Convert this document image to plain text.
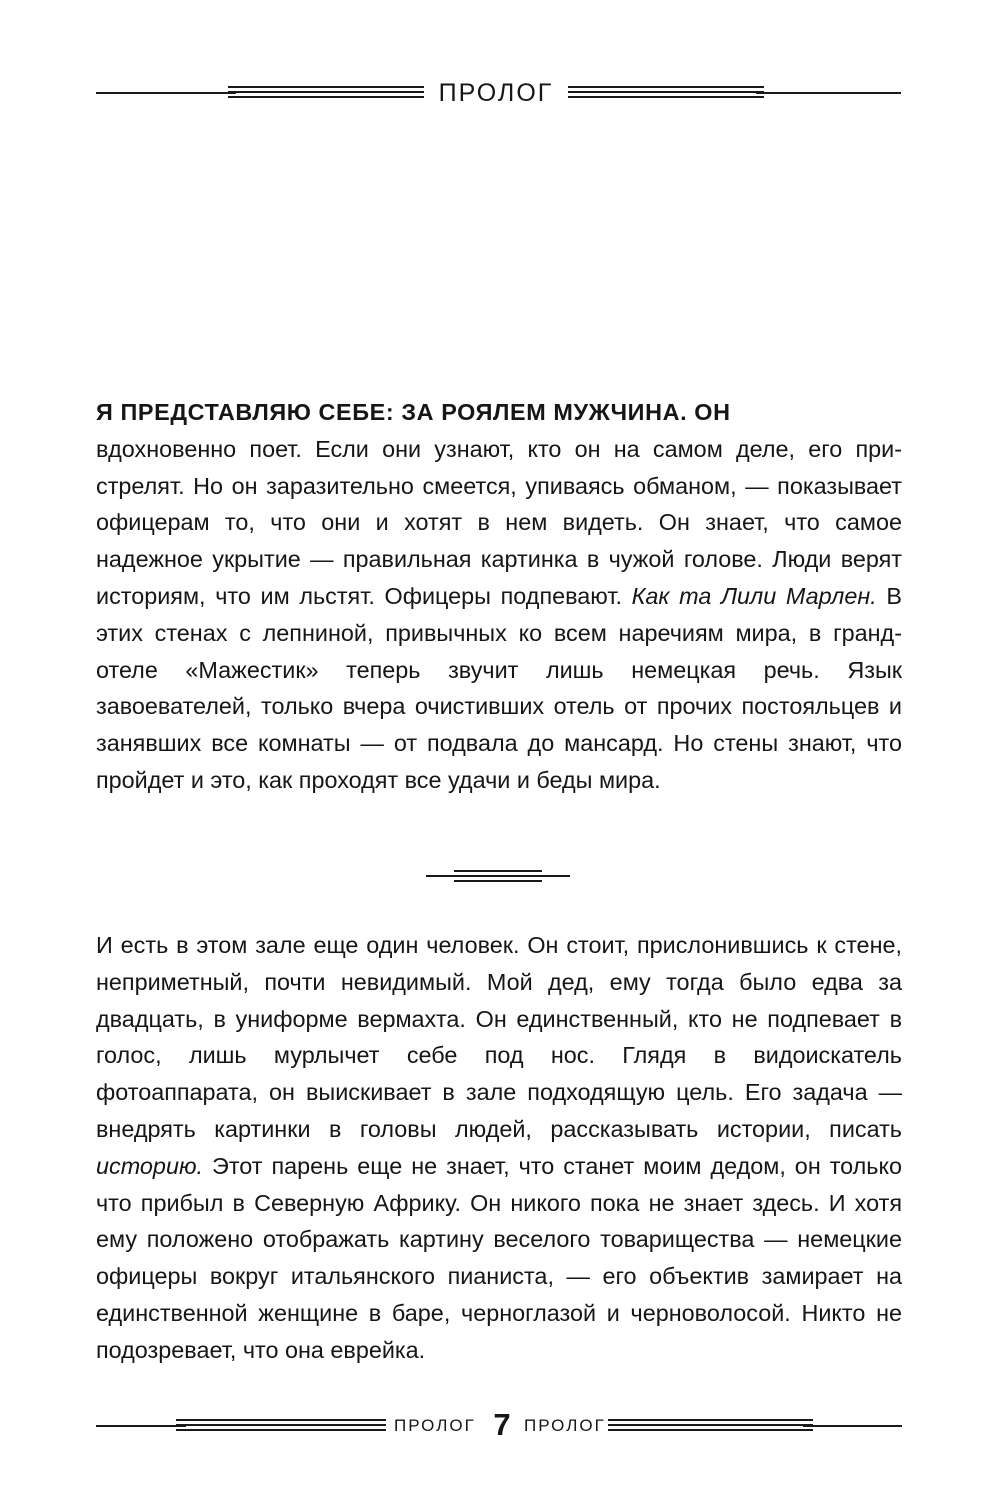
ПРОЛОГ
Я ПРЕДСТАВЛЯЮ СЕБЕ: ЗА РОЯЛЕМ МУЖЧИНА. ОН
вдохновенно поет. Если они узнают, кто он на самом деле, его пристрелят. Но он заразительно смеется, упиваясь обманом, — показывает офицерам то, что они и хотят в нем видеть. Он знает, что самое надежное укрытие — правильная картинка в чужой голове. Люди верят историям, что им льстят. Офицеры подпевают. Как та Лили Марлен. В этих стенах с лепниной, привычных ко всем наречиям мира, в гранд-отеле «Мажестик» теперь звучит лишь немецкая речь. Язык завоевателей, только вчера очистивших отель от прочих постояльцев и занявших все комнаты — от подвала до мансард. Но стены знают, что пройдет и это, как проходят все удачи и беды мира.
И есть в этом зале еще один человек. Он стоит, прислонившись к стене, неприметный, почти невидимый. Мой дед, ему тогда было едва за двадцать, в униформе вермахта. Он единственный, кто не подпевает в голос, лишь мурлычет себе под нос. Глядя в видоискатель фотоаппарата, он выискивает в зале подходящую цель. Его задача — внедрять картинки в головы людей, рассказывать истории, писать историю. Этот парень еще не знает, что станет моим дедом, он только что прибыл в Северную Африку. Он никого пока не знает здесь. И хотя ему положено отображать картину веселого товарищества — немецкие офицеры вокруг итальянского пианиста, — его объектив замирает на единственной женщине в баре, черноглазой и черноволосой. Никто не подозревает, что она еврейка.
ПРОЛОГ 7 ПРОЛОГ
